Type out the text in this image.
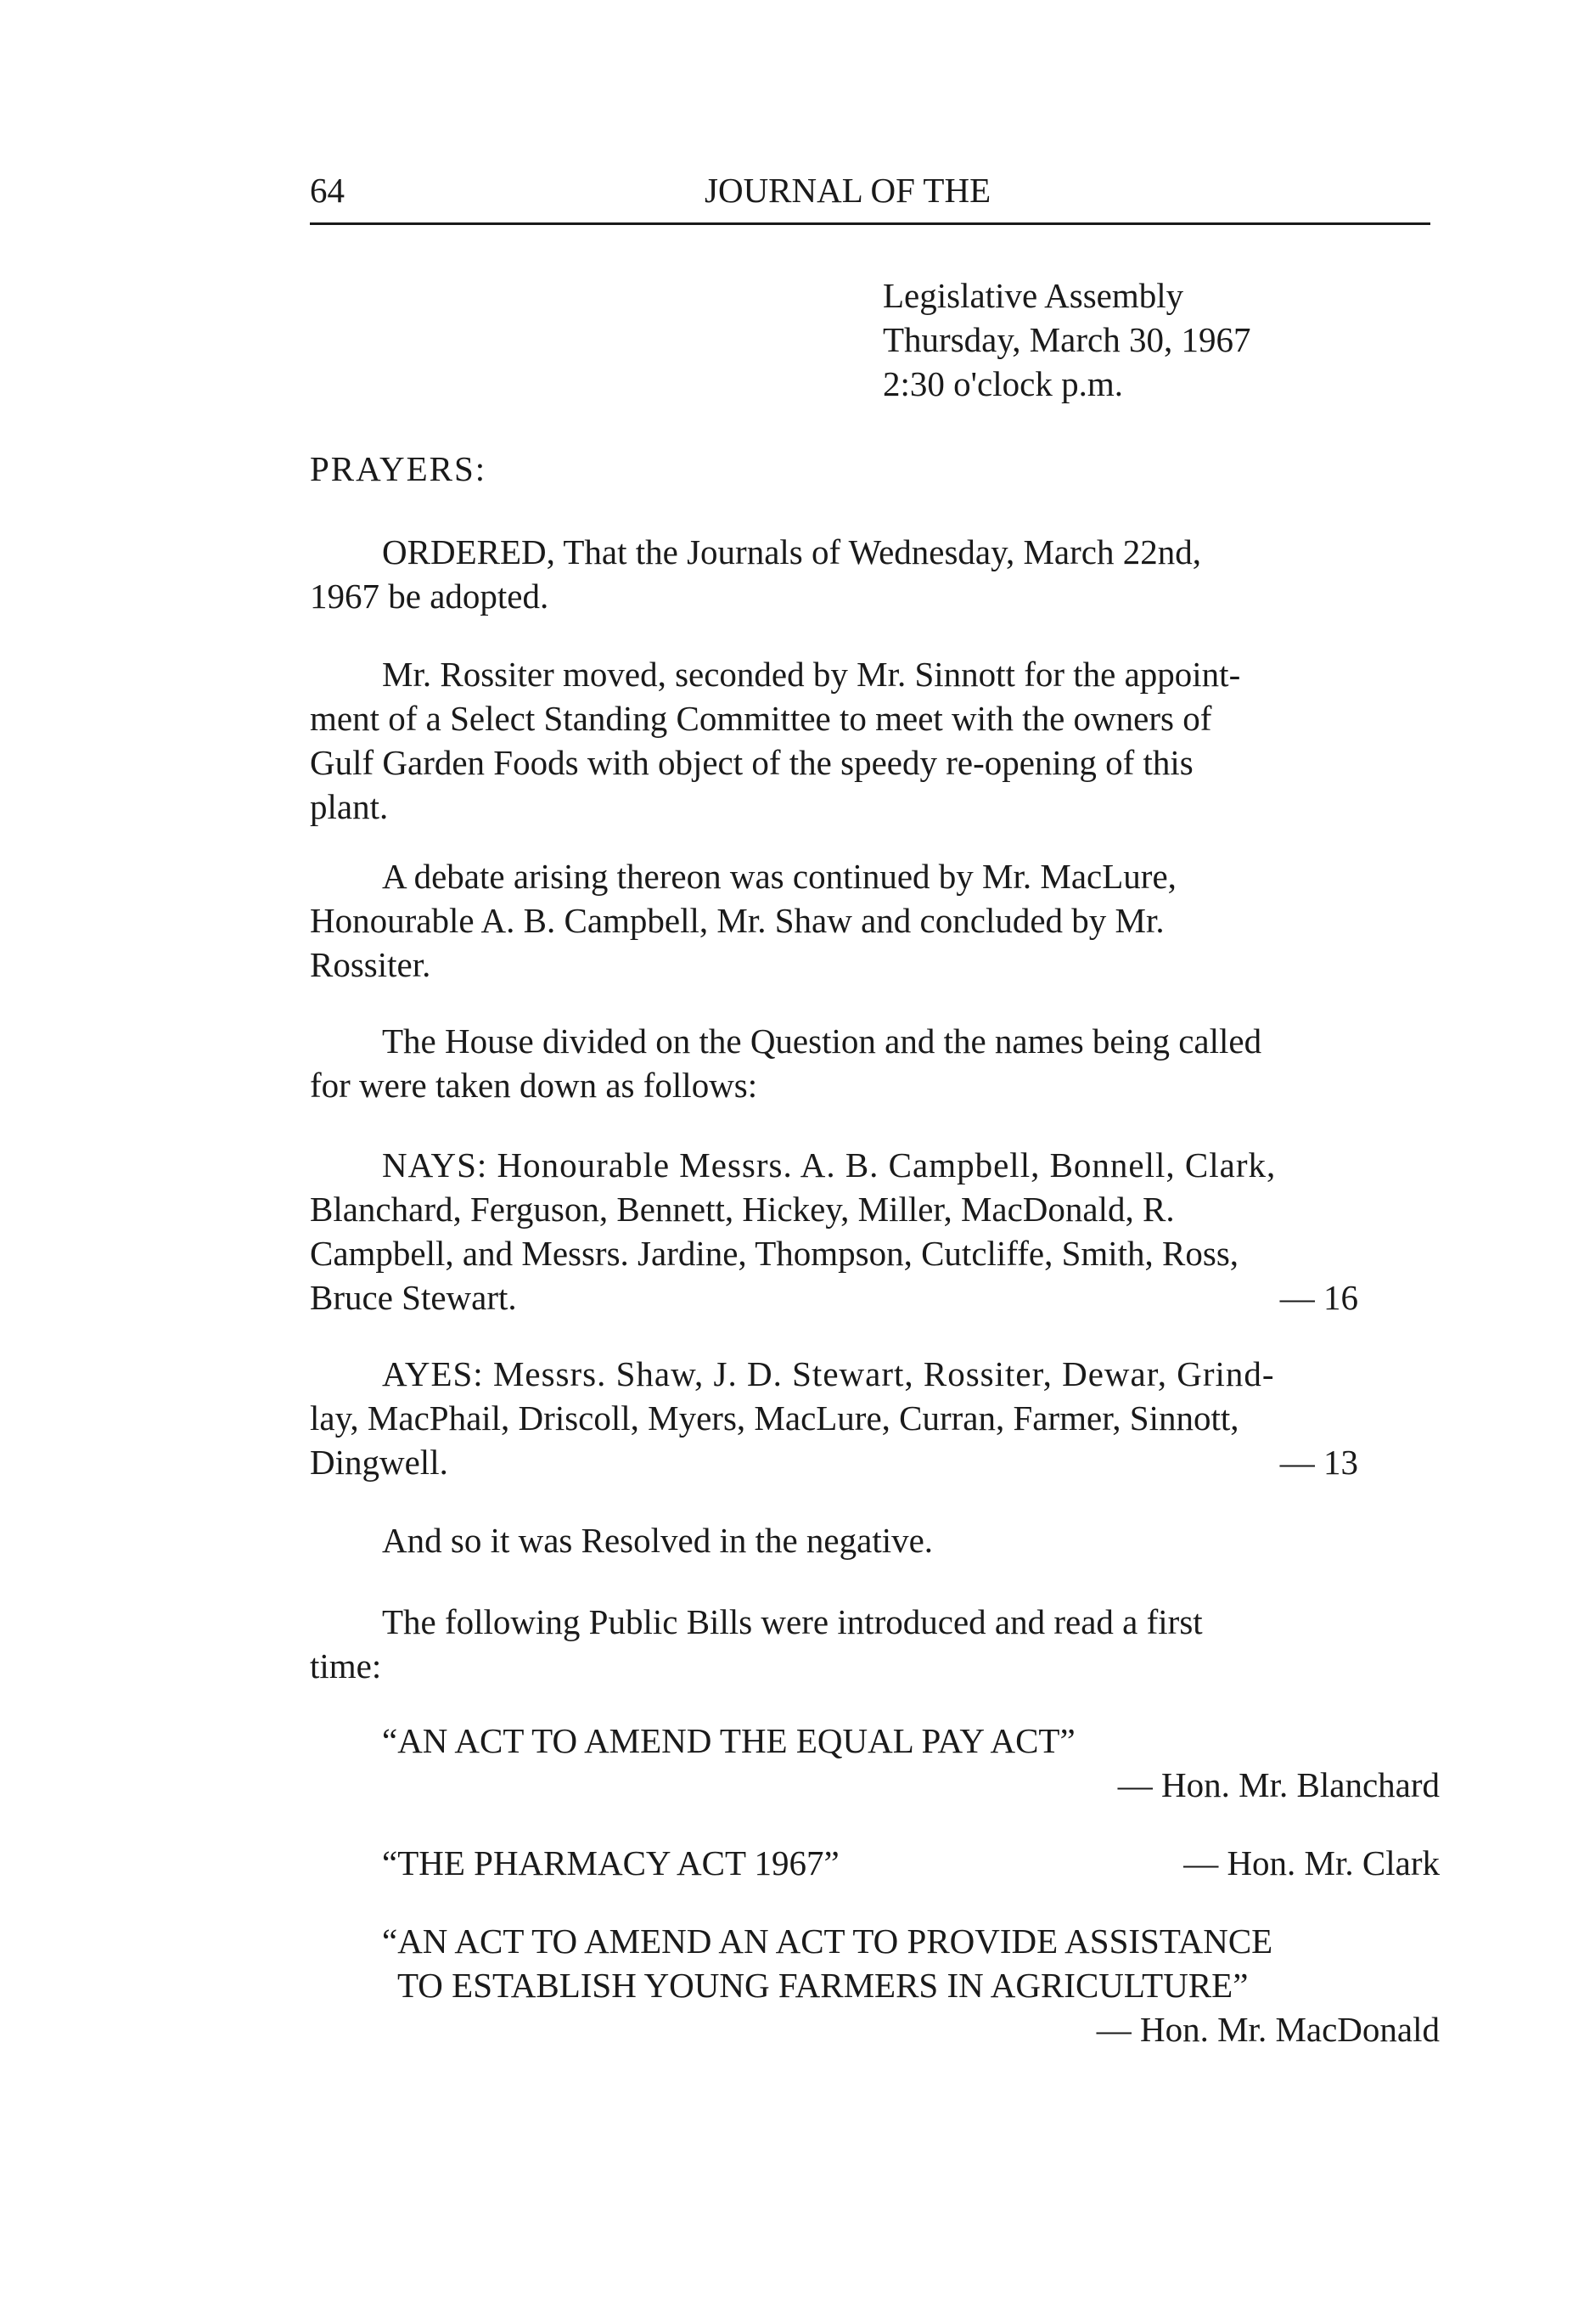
64	JOURNAL OF THE
Legislative Assembly
Thursday, March 30, 1967
2:30 o'clock p.m.
PRAYERS:
ORDERED, That the Journals of Wednesday, March 22nd,
1967 be adopted.
Mr. Rossiter moved, seconded by Mr. Sinnott for the appoint-
ment of a Select Standing Committee to meet with the owners of
Gulf Garden Foods with object of the speedy re-opening of this
plant.
A debate arising thereon was continued by Mr. MacLure,
Honourable A. B. Campbell, Mr. Shaw and concluded by Mr.
Rossiter.
The House divided on the Question and the names being called
for were taken down as follows:
NAYS: Honourable Messrs. A. B. Campbell, Bonnell, Clark,
Blanchard, Ferguson, Bennett, Hickey, Miller, MacDonald, R.
Campbell, and Messrs. Jardine, Thompson, Cutcliffe, Smith, Ross,
Bruce Stewart.	— 16
AYES: Messrs. Shaw, J. D. Stewart, Rossiter, Dewar, Grind-
lay, MacPhail, Driscoll, Myers, MacLure, Curran, Farmer, Sinnott,
Dingwell.	— 13
And so it was Resolved in the negative.
The following Public Bills were introduced and read a first
time:
“AN ACT TO AMEND THE EQUAL PAY ACT”
— Hon. Mr. Blanchard
“THE PHARMACY ACT 1967”	— Hon. Mr. Clark
“AN ACT TO AMEND AN ACT TO PROVIDE ASSISTANCE
TO ESTABLISH YOUNG FARMERS IN AGRICULTURE”
— Hon. Mr. MacDonald
